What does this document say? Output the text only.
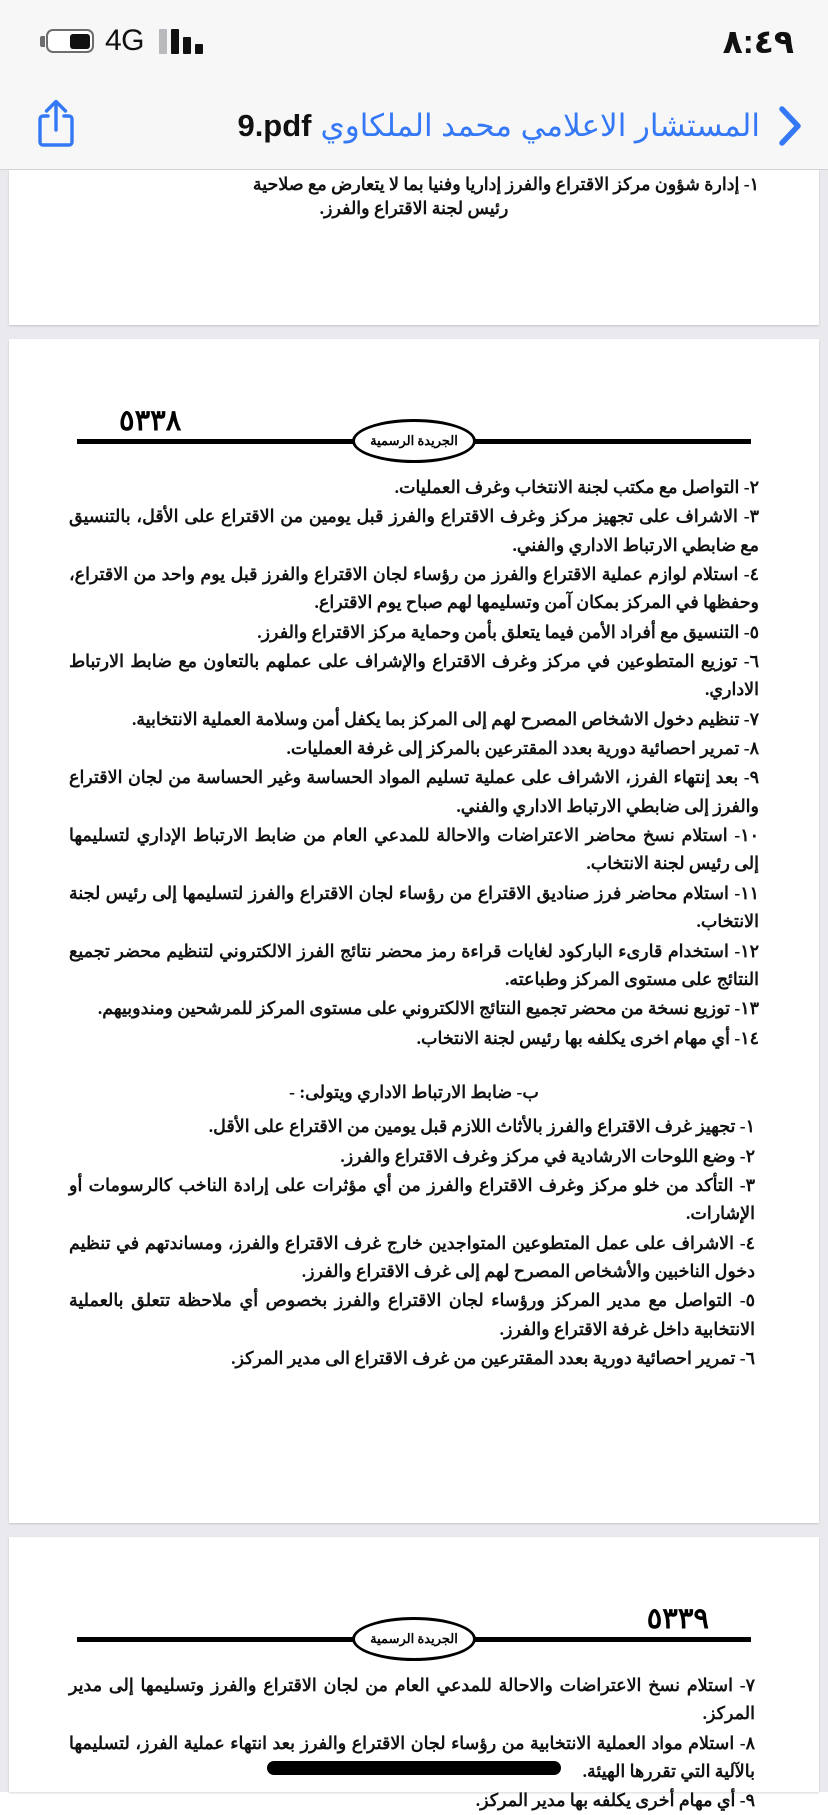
4G	٨:٤٩
المستشار الاعلامي محمد الملكاوي
9.pdf
١- إدارة شؤون مركز الاقتراع والفرز إداريا وفنيا بما لا يتعارض مع صلاحية
رئيس لجنة الاقتراع والفرز.
الجريدة الرسمية
٥٣٣٨

٢- التواصل مع مكتب لجنة الانتخاب وغرف العمليات.

٣- الاشراف على تجهيز مركز وغرف الاقتراع والفرز قبل يومين من الاقتراع على الأقل، بالتنسيق مع ضابطي الارتباط الاداري والفني.

٤- استلام لوازم عملية الاقتراع والفرز من رؤساء لجان الاقتراع والفرز قبل يوم واحد من الاقتراع، وحفظها في المركز بمكان آمن وتسليمها لهم صباح يوم الاقتراع.

٥- التنسيق مع أفراد الأمن فيما يتعلق بأمن وحماية مركز الاقتراع والفرز.

٦- توزيع المتطوعين في مركز وغرف الاقتراع والإشراف على عملهم بالتعاون مع ضابط الارتباط الاداري.

٧- تنظيم دخول الاشخاص المصرح لهم إلى المركز بما يكفل أمن وسلامة العملية الانتخابية.

٨- تمرير احصائية دورية بعدد المقترعين بالمركز إلى غرفة العمليات.

٩- بعد إنتهاء الفرز، الاشراف على عملية تسليم المواد الحساسة وغير الحساسة من لجان الاقتراع والفرز إلى ضابطي الارتباط الاداري والفني.

١٠- استلام نسخ محاضر الاعتراضات والاحالة للمدعي العام من ضابط الارتباط الإداري لتسليمها إلى رئيس لجنة الانتخاب.

١١- استلام محاضر فرز صناديق الاقتراع من رؤساء لجان الاقتراع والفرز لتسليمها إلى رئيس لجنة الانتخاب.

١٢- استخدام قارىء الباركود لغايات قراءة رمز محضر نتائج الفرز الالكتروني لتنظيم محضر تجميع النتائج على مستوى المركز وطباعته.

١٣- توزيع نسخة من محضر تجميع النتائج الالكتروني على مستوى المركز للمرشحين ومندوبيهم.

١٤- أي مهام اخرى يكلفه بها رئيس لجنة الانتخاب.

ب- ضابط الارتباط الاداري ويتولى: -

١- تجهيز غرف الاقتراع والفرز بالأثاث اللازم قبل يومين من الاقتراع على الأقل.

٢- وضع اللوحات الارشادية في مركز وغرف الاقتراع والفرز.

٣- التأكد من خلو مركز وغرف الاقتراع والفرز من أي مؤثرات على إرادة الناخب كالرسومات أو الإشارات.

٤- الاشراف على عمل المتطوعين المتواجدين خارج غرف الاقتراع والفرز، ومساندتهم في تنظيم دخول الناخبين والأشخاص المصرح لهم إلى غرف الاقتراع والفرز.

٥- التواصل مع مدير المركز ورؤساء لجان الاقتراع والفرز بخصوص أي ملاحظة تتعلق بالعملية الانتخابية داخل غرفة الاقتراع والفرز.

٦- تمرير احصائية دورية بعدد المقترعين من غرف الاقتراع الى مدير المركز.

الجريدة الرسمية
٥٣٣٩

٧- استلام نسخ الاعتراضات والاحالة للمدعي العام من لجان الاقتراع والفرز وتسليمها إلى مدير المركز.

٨- استلام مواد العملية الانتخابية من رؤساء لجان الاقتراع والفرز بعد انتهاء عملية الفرز، لتسليمها بالآلية التي تقررها الهيئة.

٩- أي مهام أخرى يكلفه بها مدير المركز.
